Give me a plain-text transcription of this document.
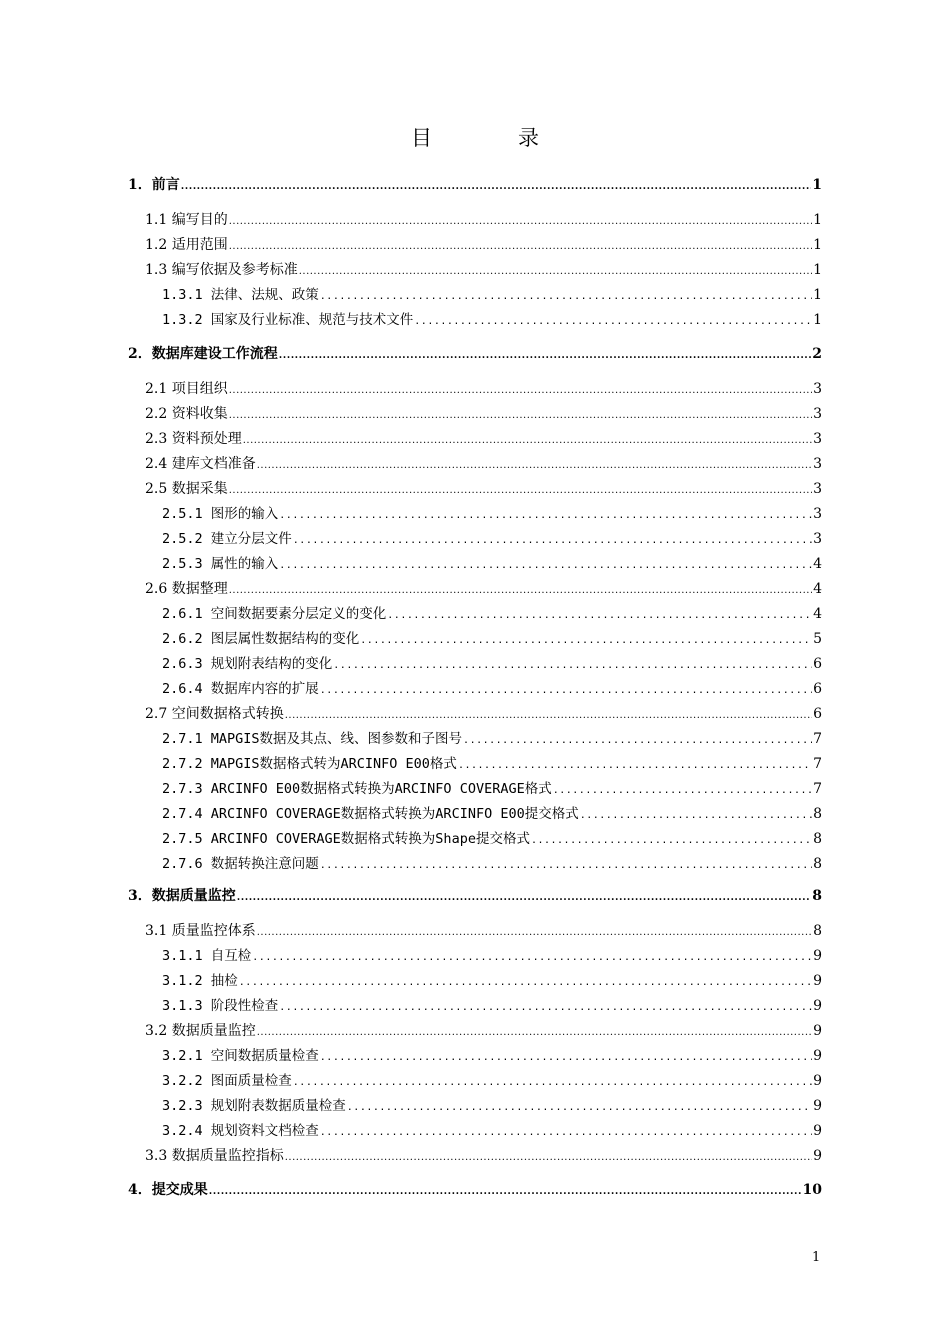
目	录
1．前言 .....	1
1.1 编写目的 .....	1
1.2 适用范围 .....	1
1.3 编写依据及参考标准 .....	1
1.3.1 法律、法规、政策 .....	1
1.3.2 国家及行业标准、规范与技术文件 .....	1
2．数据库建设工作流程 .....	2
2.1 项目组织 .....	3
2.2 资料收集 .....	3
2.3 资料预处理 .....	3
2.4 建库文档准备 .....	3
2.5 数据采集 .....	3
2.5.1 图形的输入 .....	3
2.5.2 建立分层文件 .....	3
2.5.3 属性的输入 .....	4
2.6 数据整理 .....	4
2.6.1 空间数据要素分层定义的变化 .....	4
2.6.2 图层属性数据结构的变化 .....	5
2.6.3 规划附表结构的变化 .....	6
2.6.4 数据库内容的扩展 .....	6
2.7 空间数据格式转换 .....	6
2.7.1 MAPGIS数据及其点、线、图参数和子图号 .....	7
2.7.2 MAPGIS数据格式转为ARCINFO E00格式 .....	7
2.7.3 ARCINFO E00数据格式转换为ARCINFO COVERAGE格式 .....	7
2.7.4 ARCINFO COVERAGE数据格式转换为ARCINFO E00提交格式 .....	8
2.7.5 ARCINFO COVERAGE数据格式转换为Shape提交格式 .....	8
2.7.6 数据转换注意问题 .....	8
3．数据质量监控 .....	8
3.1 质量监控体系 .....	8
3.1.1 自互检 .....	9
3.1.2 抽检 .....	9
3.1.3 阶段性检查 .....	9
3.2 数据质量监控 .....	9
3.2.1 空间数据质量检查 .....	9
3.2.2 图面质量检查 .....	9
3.2.3 规划附表数据质量检查 .....	9
3.2.4 规划资料文档检查 .....	9
3.3 数据质量监控指标 .....	9
4．提交成果 .....	10
1
